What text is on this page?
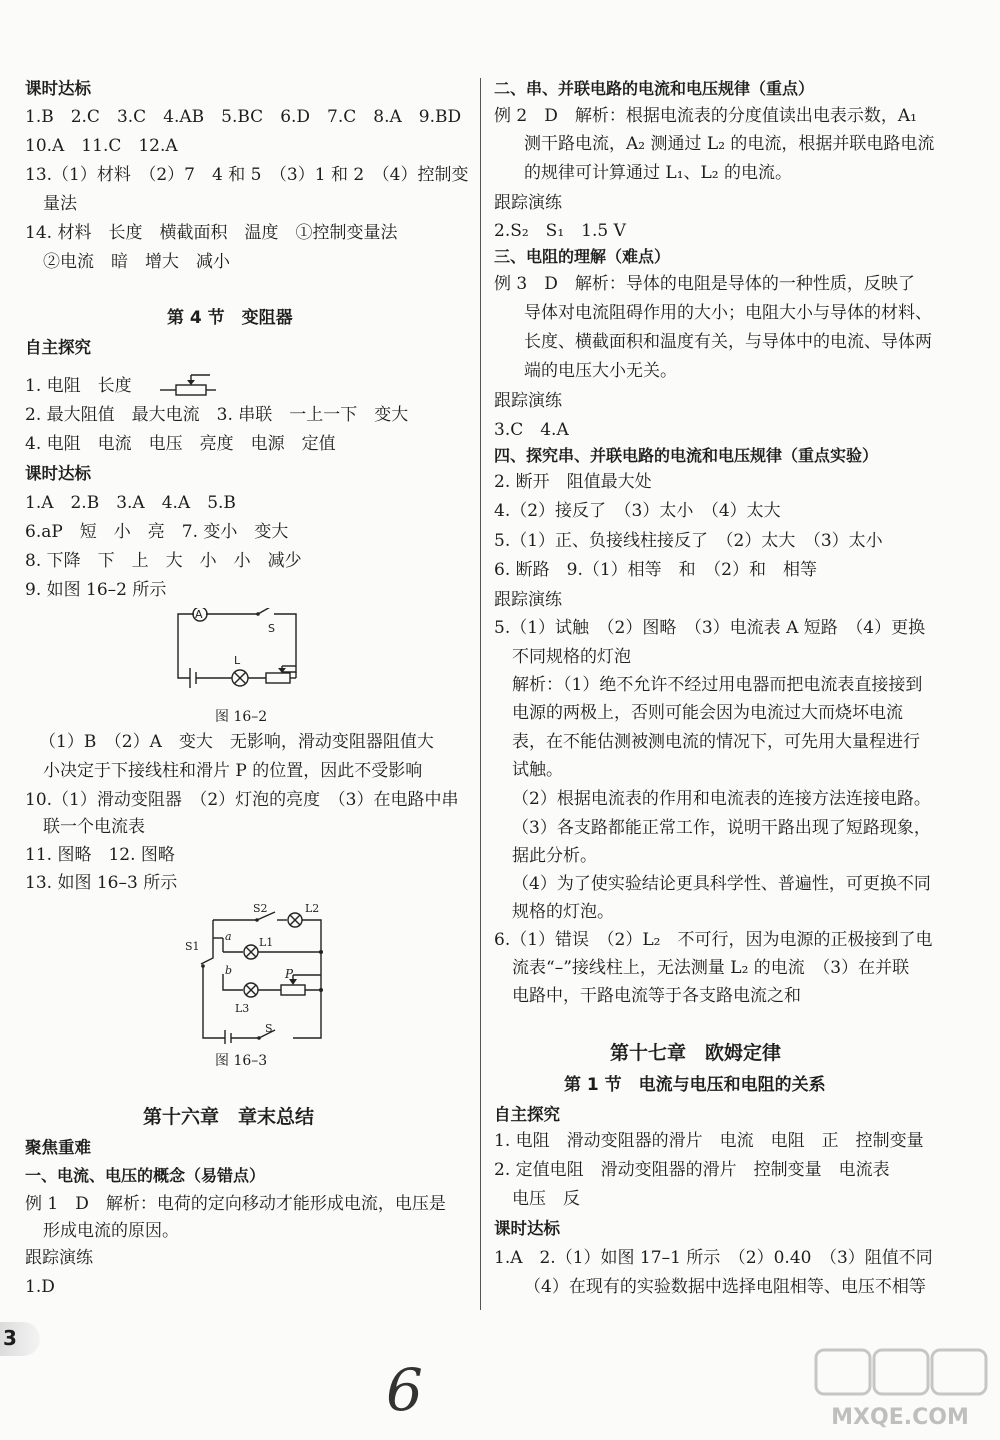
课时达标
1.B　2.C　3.C　4.AB　5.BC　6.D　7.C　8.A　9.BD
10.A　11.C　12.A
13.（1）材料　（2）7　4 和 5　（3）1 和 2　（4）控制变
量法
14. 材料　长度　横截面积　温度　①控制变量法
②电流　暗　增大　减小
第 4 节　变阻器
自主探究
1. 电阻　长度
2. 最大阻值　最大电流　3. 串联　一上一下　变大
4. 电阻　电流　电压　亮度　电源　定值
课时达标
1.A　2.B　3.A　4.A　5.B
6.aP　短　小　亮　7. 变小　变大
8. 下降　下　上　大　小　小　减少
9. 如图 16–2 所示
A
S
L
图 16–2
（1）B　（2）A　变大　无影响，滑动变阻器阻值大
小决定于下接线柱和滑片 P 的位置，因此不受影响
10.（1）滑动变阻器　（2）灯泡的亮度　（3）在电路中串
联一个电流表
11. 图略　12. 图略
13. 如图 16–3 所示
S1
S2	L2
L1
a
b	P
L3
S
图 16–3
第十六章　章末总结
聚焦重难
一、电流、电压的概念（易错点）
例 1　D　解析：电荷的定向移动才能形成电流，电压是
形成电流的原因。
跟踪演练
1.D
二、串、并联电路的电流和电压规律（重点）
例 2　D　解析：根据电流表的分度值读出电表示数，A₁
测干路电流，A₂ 测通过 L₂ 的电流，根据并联电路电流
的规律可计算通过 L₁、L₂ 的电流。
跟踪演练
2.S₂　S₁　1.5 V
三、电阻的理解（难点）
例 3　D　解析：导体的电阻是导体的一种性质，反映了
导体对电流阻碍作用的大小；电阻大小与导体的材料、
长度、横截面积和温度有关，与导体中的电流、导体两
端的电压大小无关。
跟踪演练
3.C　4.A
四、探究串、并联电路的电流和电压规律（重点实验）
2. 断开　阻值最大处
4.（2）接反了　（3）太小　（4）太大
5.（1）正、负接线柱接反了　（2）太大　（3）太小
6. 断路　9.（1）相等　和　（2）和　相等
跟踪演练
5.（1）试触　（2）图略　（3）电流表 A 短路　（4）更换
不同规格的灯泡
解析：（1）绝不允许不经过用电器而把电流表直接接到
电源的两极上，否则可能会因为电流过大而烧坏电流
表，在不能估测被测电流的情况下，可先用大量程进行
试触。
（2）根据电流表的作用和电流表的连接方法连接电路。
（3）各支路都能正常工作，说明干路出现了短路现象，
据此分析。
（4）为了使实验结论更具科学性、普遍性，可更换不同
规格的灯泡。
6.（1）错误　（2）L₂　不可行，因为电源的正极接到了电
流表“–”接线柱上，无法测量 L₂ 的电流　（3）在并联
电路中，干路电流等于各支路电流之和
第十七章　欧姆定律
第 1 节　电流与电压和电阻的关系
自主探究
1. 电阻　滑动变阻器的滑片　电流　电阻　正　控制变量
2. 定值电阻　滑动变阻器的滑片　控制变量　电流表
电压　反
课时达标
1.A　2.（1）如图 17–1 所示　（2）0.40　（3）阻值不同
（4）在现有的实验数据中选择电阻相等、电压不相等
3
6	MXQE.COM
